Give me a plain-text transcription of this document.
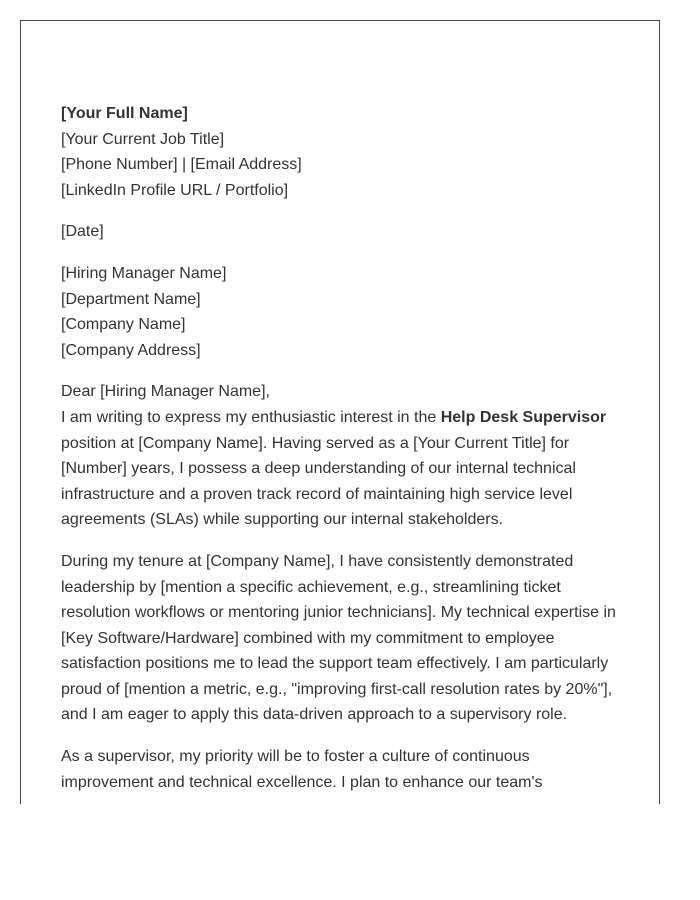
[Your Full Name]
[Your Current Job Title]
[Phone Number] | [Email Address]
[LinkedIn Profile URL / Portfolio]
[Date]
[Hiring Manager Name]
[Department Name]
[Company Name]
[Company Address]
Dear [Hiring Manager Name],

I am writing to express my enthusiastic interest in the Help Desk Supervisor position at [Company Name]. Having served as a [Your Current Title] for [Number] years, I possess a deep understanding of our internal technical infrastructure and a proven track record of maintaining high service level agreements (SLAs) while supporting our internal stakeholders.

During my tenure at [Company Name], I have consistently demonstrated leadership by [mention a specific achievement, e.g., streamlining ticket resolution workflows or mentoring junior technicians]. My technical expertise in [Key Software/Hardware] combined with my commitment to employee satisfaction positions me to lead the support team effectively. I am particularly proud of [mention a metric, e.g., "improving first-call resolution rates by 20%"], and I am eager to apply this data-driven approach to a supervisory role.

As a supervisor, my priority will be to foster a culture of continuous improvement and technical excellence. I plan to enhance our team's
